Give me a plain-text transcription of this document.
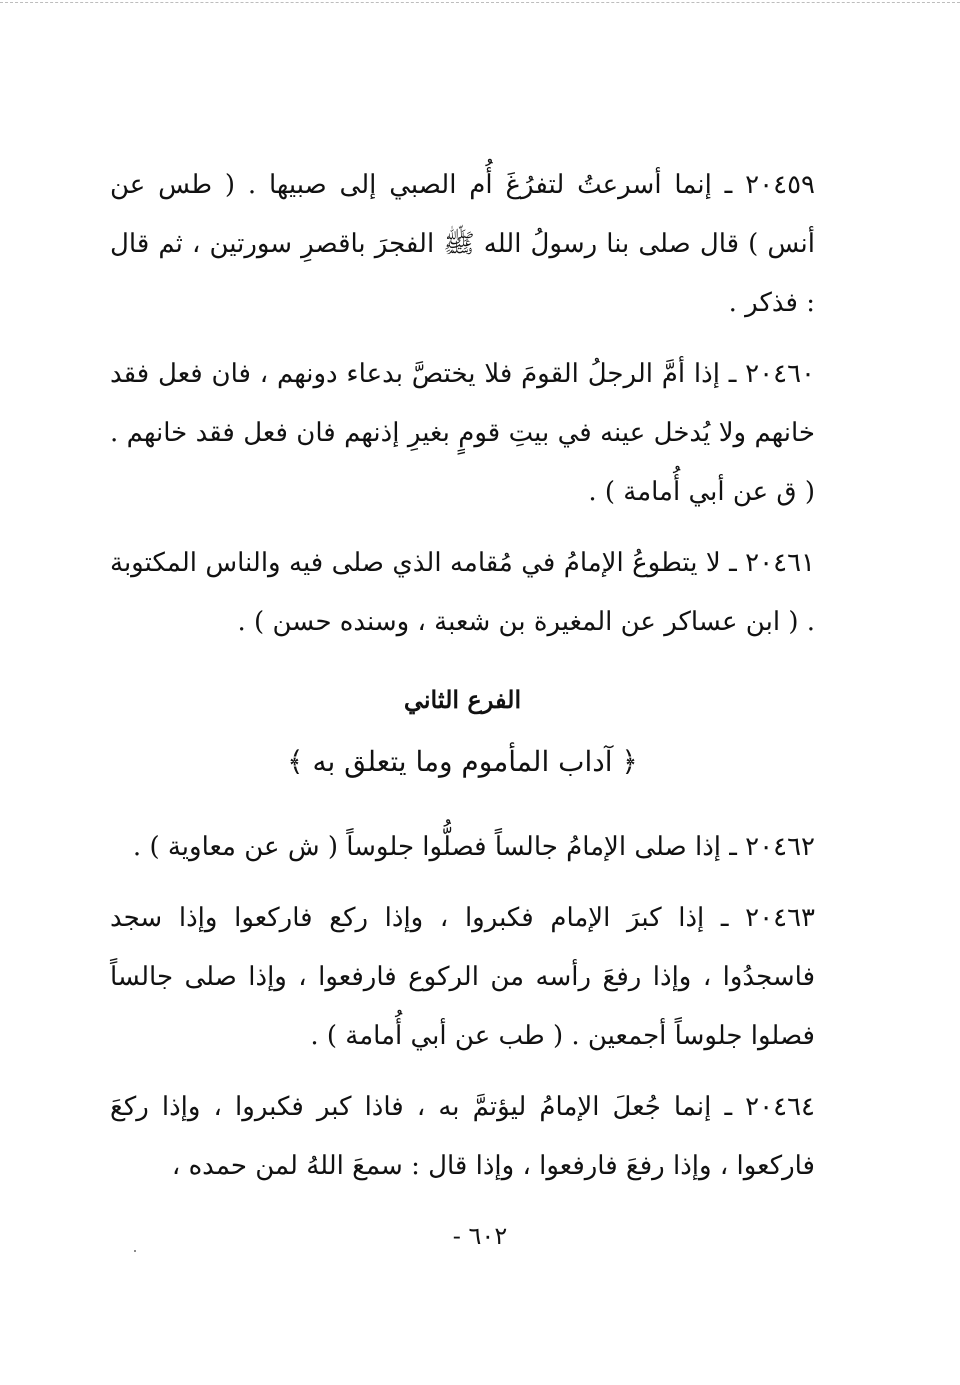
٢٠٤٥٩ ـ إنما أسرعتُ لتفرُغَ أُم الصبي إلى صبيها . ( طس عن أنس ) قال صلى بنا رسولُ الله ﷺ الفجرَ باقصرِ سورتين ، ثم قال : فذكر .

٢٠٤٦٠ ـ إذا أمَّ الرجلُ القومَ فلا يختصَّ بدعاء دونهم ، فان فعل فقد خانهم ولا يُدخل عينه في بيتِ قومٍ بغيرِ إذنهم فان فعل فقد خانهم . ( ق عن أبي أُمامة ) .

٢٠٤٦١ ـ لا يتطوعُ الإمامُ في مُقامه الذي صلى فيه والناس المكتوبة . ( ابن عساكر عن المغيرة بن شعبة ، وسنده حسن ) .

الفرع الثاني

﴿ آداب المأموم وما يتعلق به ﴾

٢٠٤٦٢ ـ إذا صلى الإمامُ جالساً فصلُّوا جلوساً ( ش عن معاوية ) .

٢٠٤٦٣ ـ إذا كبرَ الإمام فكبروا ، وإذا ركع فاركعوا وإذا سجد فاسجدُوا ، وإذا رفعَ رأسه من الركوع فارفعوا ، وإذا صلى جالساً فصلوا جلوساً أجمعين . ( طب عن أبي أُمامة ) .

٢٠٤٦٤ ـ إنما جُعلَ الإمامُ ليؤتمَّ به ، فاذا كبر فكبروا ، وإذا ركعَ فاركعوا ، وإذا رفعَ فارفعوا ، وإذا قال : سمعَ اللهُ لمن حمده ،

٦٠٢ -
